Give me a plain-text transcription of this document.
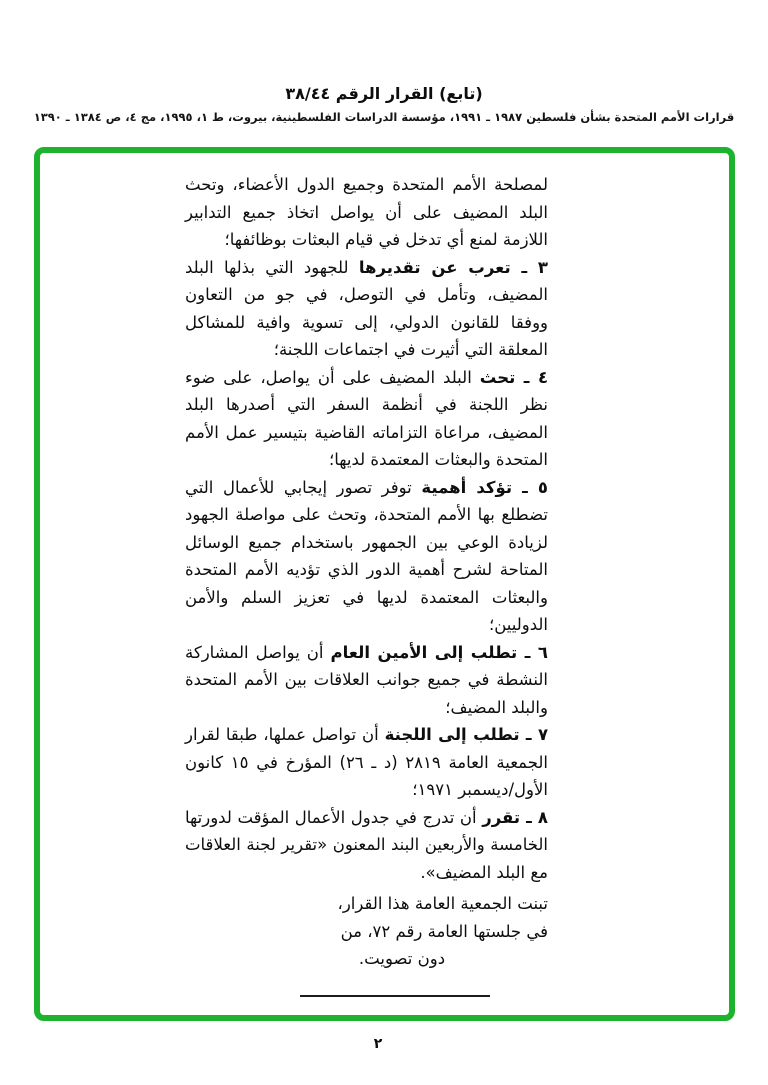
(تابع) القرار الرقم ٣٨/٤٤
قرارات الأمم المتحدة بشأن فلسطين ١٩٨٧ ـ ١٩٩١، مؤسسة الدراسات الفلسطينية، بيروت، ط ١، ١٩٩٥، مج ٤، ص ١٣٨٤ ـ ١٣٩٠

لمصلحة الأمم المتحدة وجميع الدول الأعضاء، وتحث البلد المضيف على أن يواصل اتخاذ جميع التدابير اللازمة لمنع أي تدخل في قيام البعثات بوظائفها؛

٣ ـ تعرب عن تقديرها للجهود التي بذلها البلد المضيف، وتأمل في التوصل، في جو من التعاون ووفقا للقانون الدولي، إلى تسوية وافية للمشاكل المعلقة التي أثيرت في اجتماعات اللجنة؛

٤ ـ تحث البلد المضيف على أن يواصل، على ضوء نظر اللجنة في أنظمة السفر التي أصدرها البلد المضيف، مراعاة التزاماته القاضية بتيسير عمل الأمم المتحدة والبعثات المعتمدة لديها؛

٥ ـ تؤكد أهمية توفر تصور إيجابي للأعمال التي تضطلع بها الأمم المتحدة، وتحث على مواصلة الجهود لزيادة الوعي بين الجمهور باستخدام جميع الوسائل المتاحة لشرح أهمية الدور الذي تؤديه الأمم المتحدة والبعثات المعتمدة لديها في تعزيز السلم والأمن الدوليين؛

٦ ـ تطلب إلى الأمين العام أن يواصل المشاركة النشطة في جميع جوانب العلاقات بين الأمم المتحدة والبلد المضيف؛

٧ ـ تطلب إلى اللجنة أن تواصل عملها، طبقا لقرار الجمعية العامة ٢٨١٩ (د ـ ٢٦) المؤرخ في ١٥ كانون الأول/ديسمبر ١٩٧١؛

٨ ـ تقرر أن تدرج في جدول الأعمال المؤقت لدورتها الخامسة والأربعين البند المعنون «تقرير لجنة العلاقات مع البلد المضيف».

تبنت الجمعية العامة هذا القرار،
في جلستها العامة رقم ٧٢، من
دون تصويت.
٢
